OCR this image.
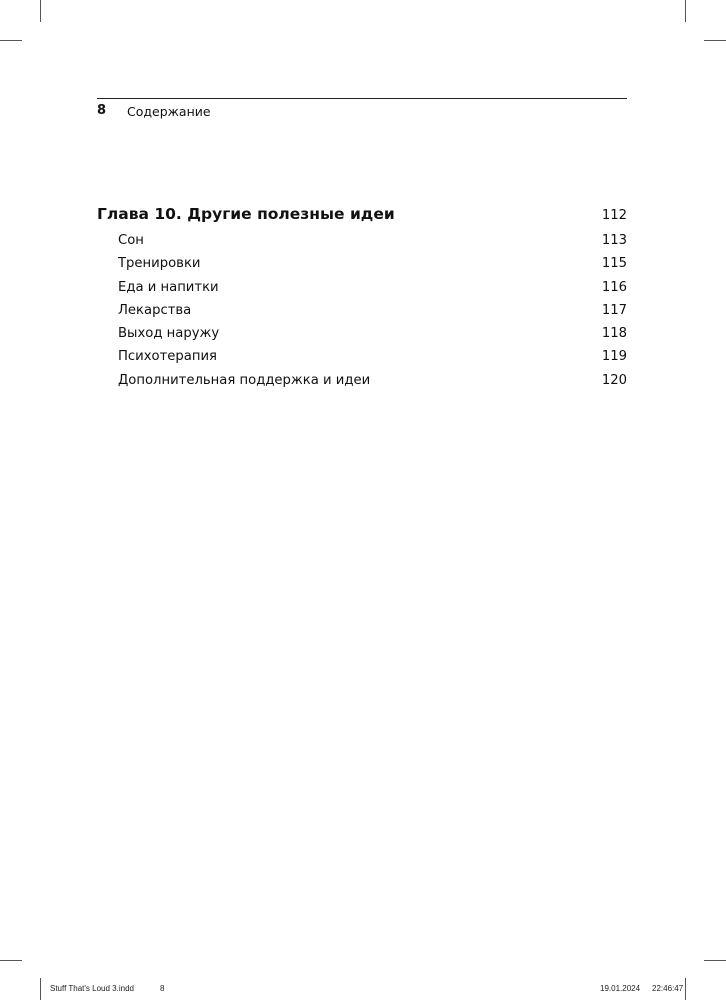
8 Содержание
Глава 10. Другие полезные идеи	112
Сон	113
Тренировки	115
Еда и напитки	116
Лекарства	117
Выход наружу	118
Психотерапия	119
Дополнительная поддержка и идеи	120
Stuff That's Loud 3.indd	8	19.01.2024 22:46:47
